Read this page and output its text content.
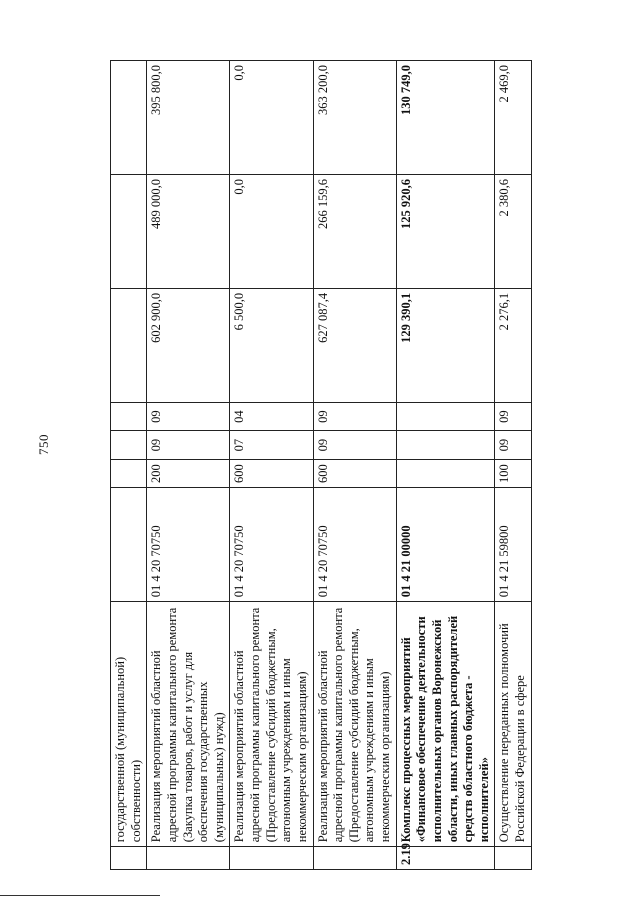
750
	государственной (муниципальной) собственности)							
	Реализация мероприятий областной адресной программы капитального ремонта (Закупка товаров, работ и услуг для обеспечения государственных (муниципальных) нужд)	01 4 20 70750	200	09	09	602 900,0	489 000,0	395 800,0
	Реализация мероприятий областной адресной программы капитального ремонта (Предоставление субсидий бюджетным, автономным учреждениям и иным некоммерческим организациям)	01 4 20 70750	600	07	04	6 500,0	0,0	0,0
	Реализация мероприятий областной адресной программы капитального ремонта (Предоставление субсидий бюджетным, автономным учреждениям и иным некоммерческим организациям)	01 4 20 70750	600	09	09	627 087,4	266 159,6	363 200,0
2.19	Комплекс процессных мероприятий «Финансовое обеспечение деятельности исполнительных органов Воронежской области, иных главных распорядителей средств областного бюджета - исполнителей»	01 4 21 00000				129 390,1	125 920,6	130 749,0
	Осуществление переданных полномочий Российской Федерации в сфере	01 4 21 59800	100	09	09	2 276,1	2 380,6	2 469,0
